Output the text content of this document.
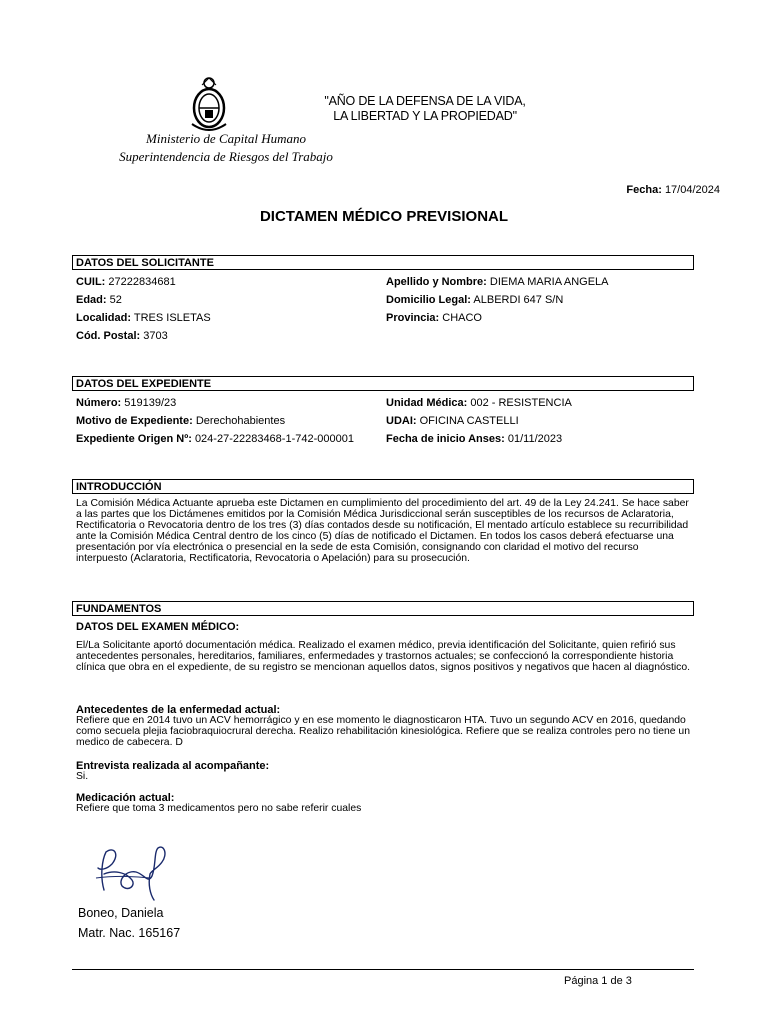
Ministerio de Capital Humano
Superintendencia de Riesgos del Trabajo
"AÑO DE LA DEFENSA DE LA VIDA,
LA LIBERTAD Y LA PROPIEDAD"
Fecha: 17/04/2024
DICTAMEN MÉDICO PREVISIONAL
DATOS DEL SOLICITANTE
CUIL: 27222834681
Edad: 52
Localidad: TRES ISLETAS
Cód. Postal: 3703
Apellido y Nombre: DIEMA MARIA ANGELA
Domicilio Legal: ALBERDI 647 S/N
Provincia: CHACO
DATOS DEL EXPEDIENTE
Número: 519139/23
Motivo de Expediente: Derechohabientes
Expediente Origen Nº: 024-27-22283468-1-742-000001
Unidad Médica: 002 - RESISTENCIA
UDAI: OFICINA CASTELLI
Fecha de inicio Anses: 01/11/2023
INTRODUCCIÓN
La Comisión Médica Actuante aprueba este Dictamen en cumplimiento del procedimiento del art. 49 de la Ley 24.241. Se hace saber a las partes que los Dictámenes emitidos por la Comisión Médica Jurisdiccional serán susceptibles de los recursos de Aclaratoria, Rectificatoria o Revocatoria dentro de los tres (3) días contados desde su notificación, El mentado artículo establece su recurribilidad ante la Comisión Médica Central dentro de los cinco (5) días de notificado el Dictamen. En todos los casos deberá efectuarse una presentación por vía electrónica o presencial en la sede de esta Comisión, consignando con claridad el motivo del recurso interpuesto (Aclaratoria, Rectificatoria, Revocatoria o Apelación) para su prosecución.
FUNDAMENTOS
DATOS DEL EXAMEN MÉDICO:
El/La Solicitante aportó documentación médica. Realizado el examen médico, previa identificación del Solicitante, quien refirió sus antecedentes personales, hereditarios, familiares, enfermedades y trastornos actuales; se confeccionó la correspondiente historia clínica que obra en el expediente, de su registro se mencionan aquellos datos, signos positivos y negativos que hacen al diagnóstico.
Antecedentes de la enfermedad actual:
Refiere que en 2014 tuvo un ACV hemorrágico y en ese momento le diagnosticaron HTA. Tuvo un segundo ACV en 2016, quedando como secuela plejia faciobraquiocrural derecha. Realizo rehabilitación kinesiológica. Refiere que se realiza controles pero no tiene un medico de cabecera. D
Entrevista realizada al acompañante:
Si.
Medicación actual:
Refiere que toma 3 medicamentos pero no sabe referir cuales
Boneo, Daniela
Matr. Nac. 165167
Página 1 de 3
